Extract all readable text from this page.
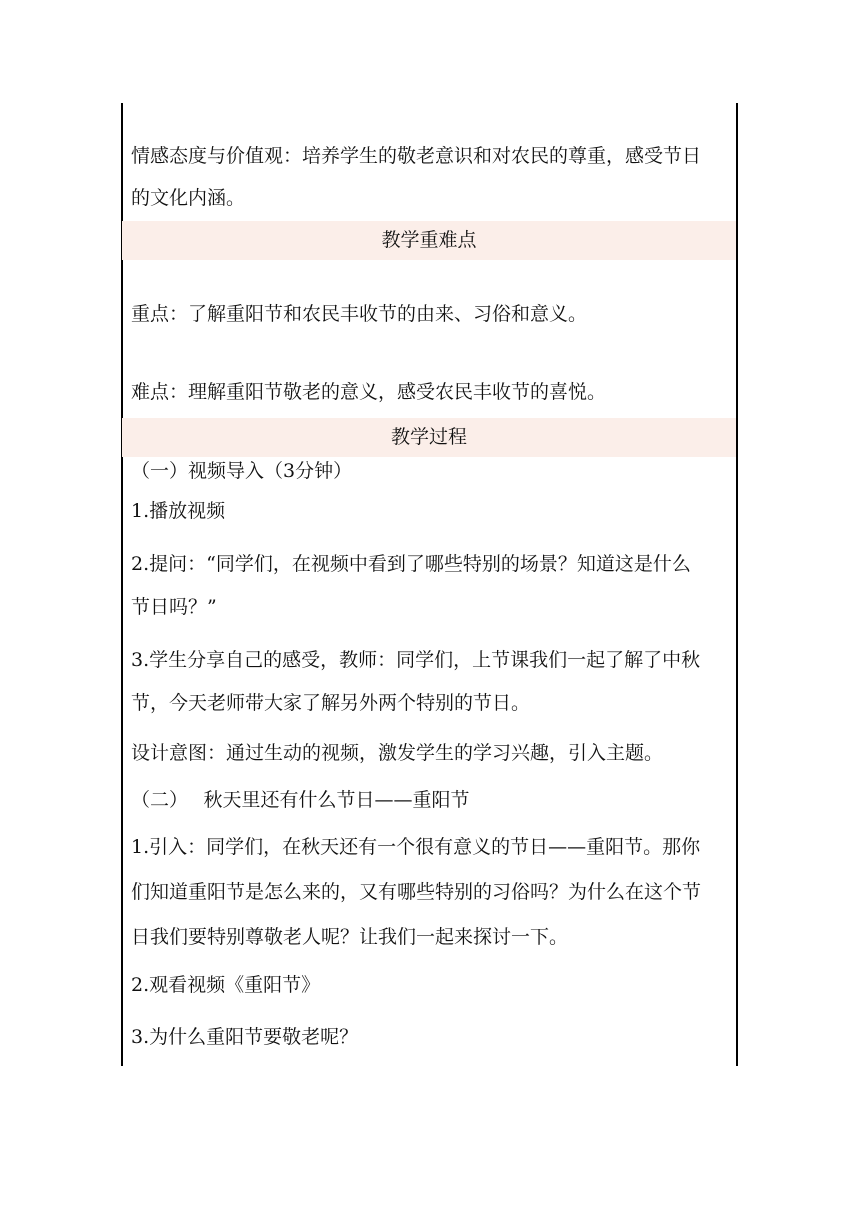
情感态度与价值观：培养学生的敬老意识和对农民的尊重，感受节日
的文化内涵。
教学重难点
重点：了解重阳节和农民丰收节的由来、习俗和意义。
难点：理解重阳节敬老的意义，感受农民丰收节的喜悦。
教学过程
（一）视频导入（3分钟）
1.播放视频
2.提问：“同学们，在视频中看到了哪些特别的场景？知道这是什么
节日吗？”
3.学生分享自己的感受，教师：同学们，上节课我们一起了解了中秋
节，今天老师带大家了解另外两个特别的节日。
设计意图：通过生动的视频，激发学生的学习兴趣，引入主题。
（二）　 秋天里还有什么节日——重阳节
1.引入：同学们，在秋天还有一个很有意义的节日——重阳节。那你
们知道重阳节是怎么来的，又有哪些特别的习俗吗？为什么在这个节
日我们要特别尊敬老人呢？让我们一起来探讨一下。
2.观看视频《重阳节》
3.为什么重阳节要敬老呢？
